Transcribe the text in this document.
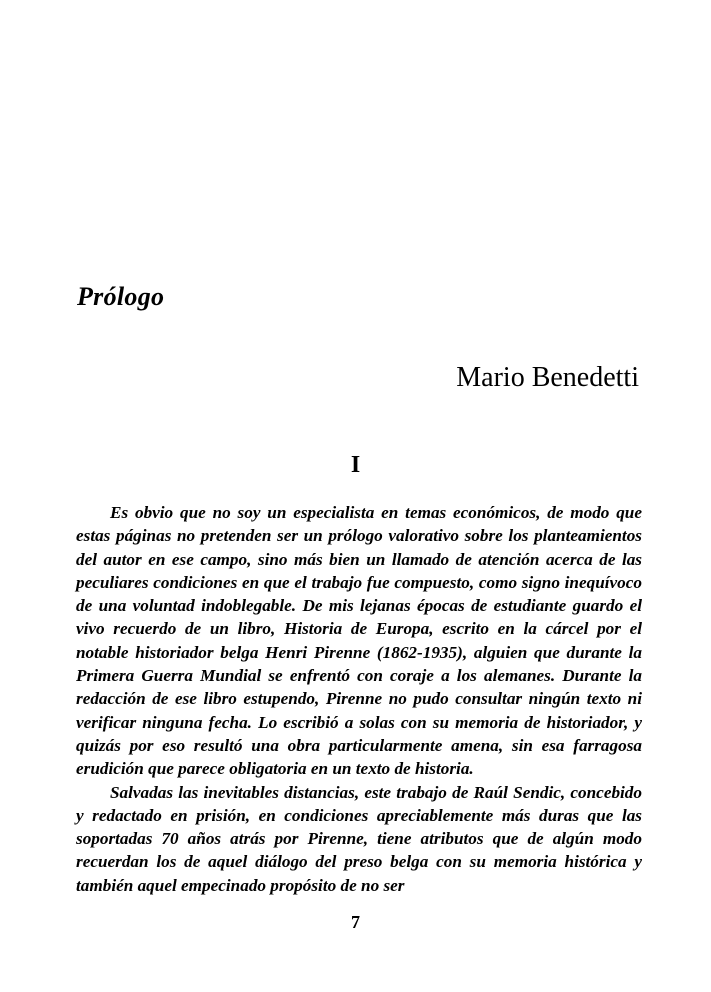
Prólogo
Mario Benedetti
I

Es obvio que no soy un especialista en temas económicos, de modo que estas páginas no pretenden ser un prólogo valorativo sobre los planteamientos del autor en ese campo, sino más bien un llamado de atención acerca de las peculiares condiciones en que el trabajo fue compuesto, como signo inequívoco de una voluntad indoblegable. De mis lejanas épocas de estudiante guardo el vivo recuerdo de un libro, Historia de Europa, escrito en la cárcel por el notable historiador belga Henri Pirenne (1862-1935), alguien que durante la Primera Guerra Mundial se enfrentó con coraje a los alemanes. Durante la redacción de ese libro estupendo, Pirenne no pudo consultar ningún texto ni verificar ninguna fecha. Lo escribió a solas con su memoria de historiador, y quizás por eso resultó una obra particularmente amena, sin esa farragosa erudición que parece obligatoria en un texto de historia.

Salvadas las inevitables distancias, este trabajo de Raúl Sendic, concebido y redactado en prisión, en condiciones apreciablemente más duras que las soportadas 70 años atrás por Pirenne, tiene atributos que de algún modo recuerdan los de aquel diálogo del preso belga con su memoria histórica y también aquel empecinado propósito de no ser

7
